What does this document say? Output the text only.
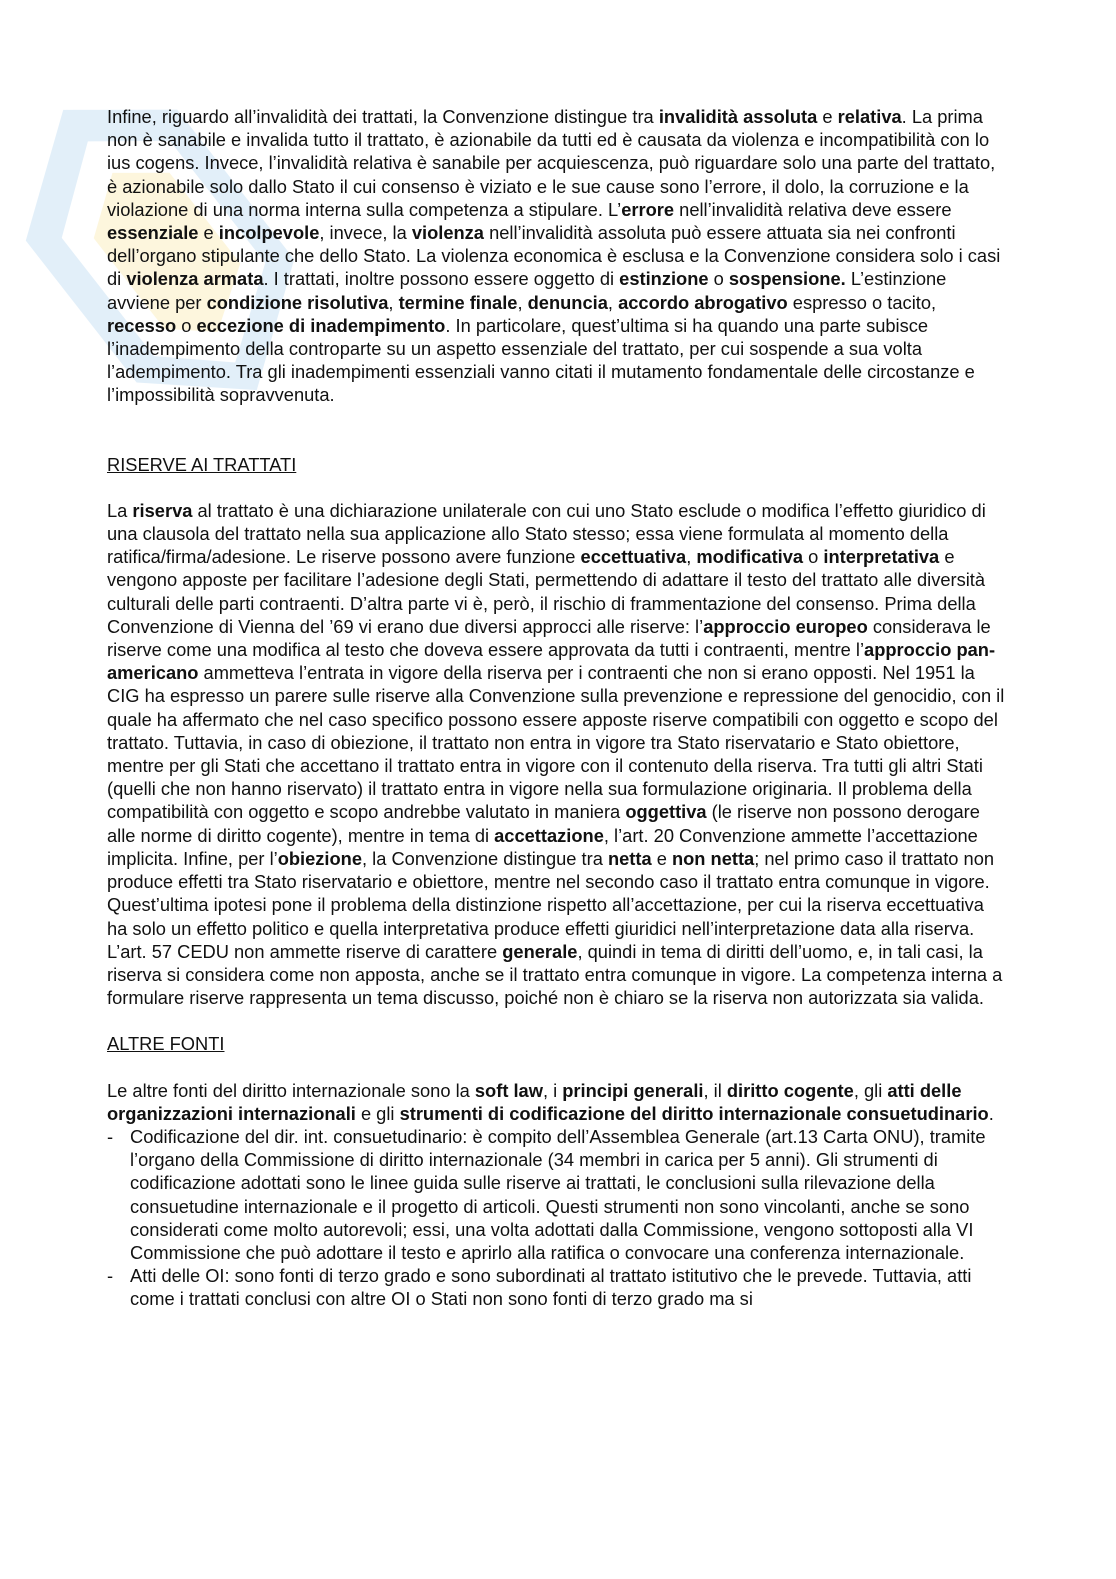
Infine, riguardo all’invalidità dei trattati, la Convenzione distingue tra invalidità assoluta e relativa. La prima non è sanabile e invalida tutto il trattato, è azionabile da tutti ed è causata da violenza e incompatibilità con lo ius cogens. Invece, l’invalidità relativa è sanabile per acquiescenza, può riguardare solo una parte del trattato, è azionabile solo dallo Stato il cui consenso è viziato e le sue cause sono l’errore, il dolo, la corruzione e la violazione di una norma interna sulla competenza a stipulare. L’errore nell’invalidità relativa deve essere essenziale e incolpevole, invece, la violenza nell’invalidità assoluta può essere attuata sia nei confronti dell’organo stipulante che dello Stato. La violenza economica è esclusa e la Convenzione considera solo i casi di violenza armata. I trattati, inoltre possono essere oggetto di estinzione o sospensione. L’estinzione avviene per condizione risolutiva, termine finale, denuncia, accordo abrogativo espresso o tacito, recesso o eccezione di inadempimento. In particolare, quest’ultima si ha quando una parte subisce l’inadempimento della controparte su un aspetto essenziale del trattato, per cui sospende a sua volta l’adempimento. Tra gli inadempimenti essenziali vanno citati il mutamento fondamentale delle circostanze e l’impossibilità sopravvenuta.

RISERVE AI TRATTATI

La riserva al trattato è una dichiarazione unilaterale con cui uno Stato esclude o modifica l’effetto giuridico di una clausola del trattato nella sua applicazione allo Stato stesso; essa viene formulata al momento della ratifica/firma/adesione. Le riserve possono avere funzione eccettuativa, modificativa o interpretativa e vengono apposte per facilitare l’adesione degli Stati, permettendo di adattare il testo del trattato alle diversità culturali delle parti contraenti. D’altra parte vi è, però, il rischio di frammentazione del consenso. Prima della Convenzione di Vienna del ’69 vi erano due diversi approcci alle riserve: l’approccio europeo considerava le riserve come una modifica al testo che doveva essere approvata da tutti i contraenti, mentre l’approccio pan-americano ammetteva l’entrata in vigore della riserva per i contraenti che non si erano opposti. Nel 1951 la CIG ha espresso un parere sulle riserve alla Convenzione sulla prevenzione e repressione del genocidio, con il quale ha affermato che nel caso specifico possono essere apposte riserve compatibili con oggetto e scopo del trattato. Tuttavia, in caso di obiezione, il trattato non entra in vigore tra Stato riservatario e Stato obiettore, mentre per gli Stati che accettano il trattato entra in vigore con il contenuto della riserva. Tra tutti gli altri Stati (quelli che non hanno riservato) il trattato entra in vigore nella sua formulazione originaria. Il problema della compatibilità con oggetto e scopo andrebbe valutato in maniera oggettiva (le riserve non possono derogare alle norme di diritto cogente), mentre in tema di accettazione, l’art. 20 Convenzione ammette l’accettazione implicita. Infine, per l’obiezione, la Convenzione distingue tra netta e non netta; nel primo caso il trattato non produce effetti tra Stato riservatario e obiettore, mentre nel secondo caso il trattato entra comunque in vigore. Quest’ultima ipotesi pone il problema della distinzione rispetto all’accettazione, per cui la riserva eccettuativa ha solo un effetto politico e quella interpretativa produce effetti giuridici nell’interpretazione data alla riserva. L’art. 57 CEDU non ammette riserve di carattere generale, quindi in tema di diritti dell’uomo, e, in tali casi, la riserva si considera come non apposta, anche se il trattato entra comunque in vigore. La competenza interna a formulare riserve rappresenta un tema discusso, poiché non è chiaro se la riserva non autorizzata sia valida.

ALTRE FONTI

Le altre fonti del diritto internazionale sono la soft law, i principi generali, il diritto cogente, gli atti delle organizzazioni internazionali e gli strumenti di codificazione del diritto internazionale consuetudinario.

- Codificazione del dir. int. consuetudinario: è compito dell’Assemblea Generale (art.13 Carta ONU), tramite l’organo della Commissione di diritto internazionale (34 membri in carica per 5 anni). Gli strumenti di codificazione adottati sono le linee guida sulle riserve ai trattati, le conclusioni sulla rilevazione della consuetudine internazionale e il progetto di articoli. Questi strumenti non sono vincolanti, anche se sono considerati come molto autorevoli; essi, una volta adottati dalla Commissione, vengono sottoposti alla VI Commissione che può adottare il testo e aprirlo alla ratifica o convocare una conferenza internazionale.
- Atti delle OI: sono fonti di terzo grado e sono subordinati al trattato istitutivo che le prevede. Tuttavia, atti come i trattati conclusi con altre OI o Stati non sono fonti di terzo grado ma si
